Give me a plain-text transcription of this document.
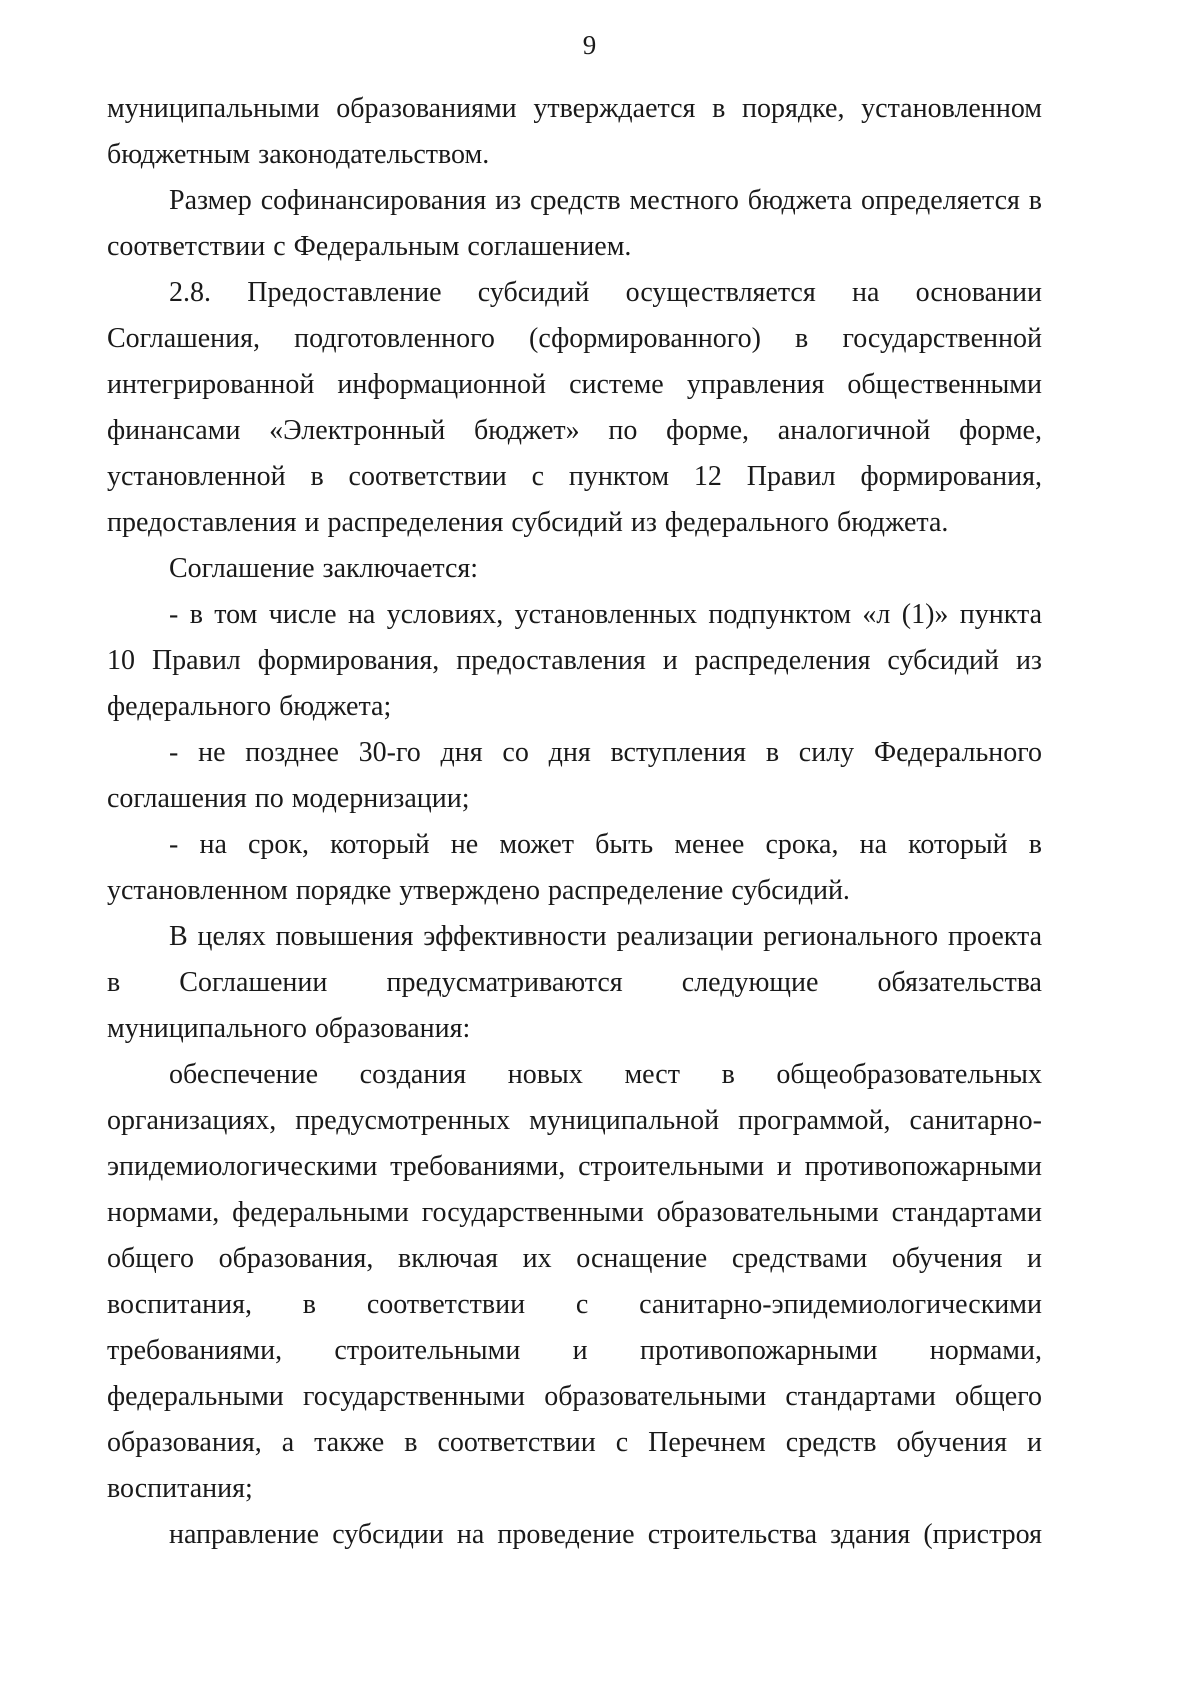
9

муниципальными образованиями утверждается в порядке, установленном бюджетным законодательством.

Размер софинансирования из средств местного бюджета определяется в соответствии с Федеральным соглашением.

2.8. Предоставление субсидий осуществляется на основании Соглашения, подготовленного (сформированного) в государственной интегрированной информационной системе управления общественными финансами «Электронный бюджет» по форме, аналогичной форме, установленной в соответствии с пунктом 12 Правил формирования, предоставления и распределения субсидий из федерального бюджета.

Соглашение заключается:

- в том числе на условиях, установленных подпунктом «л (1)» пункта 10 Правил формирования, предоставления и распределения субсидий из федерального бюджета;

- не позднее 30-го дня со дня вступления в силу Федерального соглашения по модернизации;

- на срок, который не может быть менее срока, на который в установленном порядке утверждено распределение субсидий.

В целях повышения эффективности реализации регионального проекта в Соглашении предусматриваются следующие обязательства муниципального образования:

обеспечение создания новых мест в общеобразовательных организациях, предусмотренных муниципальной программой, санитарно-эпидемиологическими требованиями, строительными и противопожарными нормами, федеральными государственными образовательными стандартами общего образования, включая их оснащение средствами обучения и воспитания, в соответствии с санитарно-эпидемиологическими требованиями, строительными и противопожарными нормами, федеральными государственными образовательными стандартами общего образования, а также в соответствии с Перечнем средств обучения и воспитания;

направление субсидии на проведение строительства здания (пристроя
